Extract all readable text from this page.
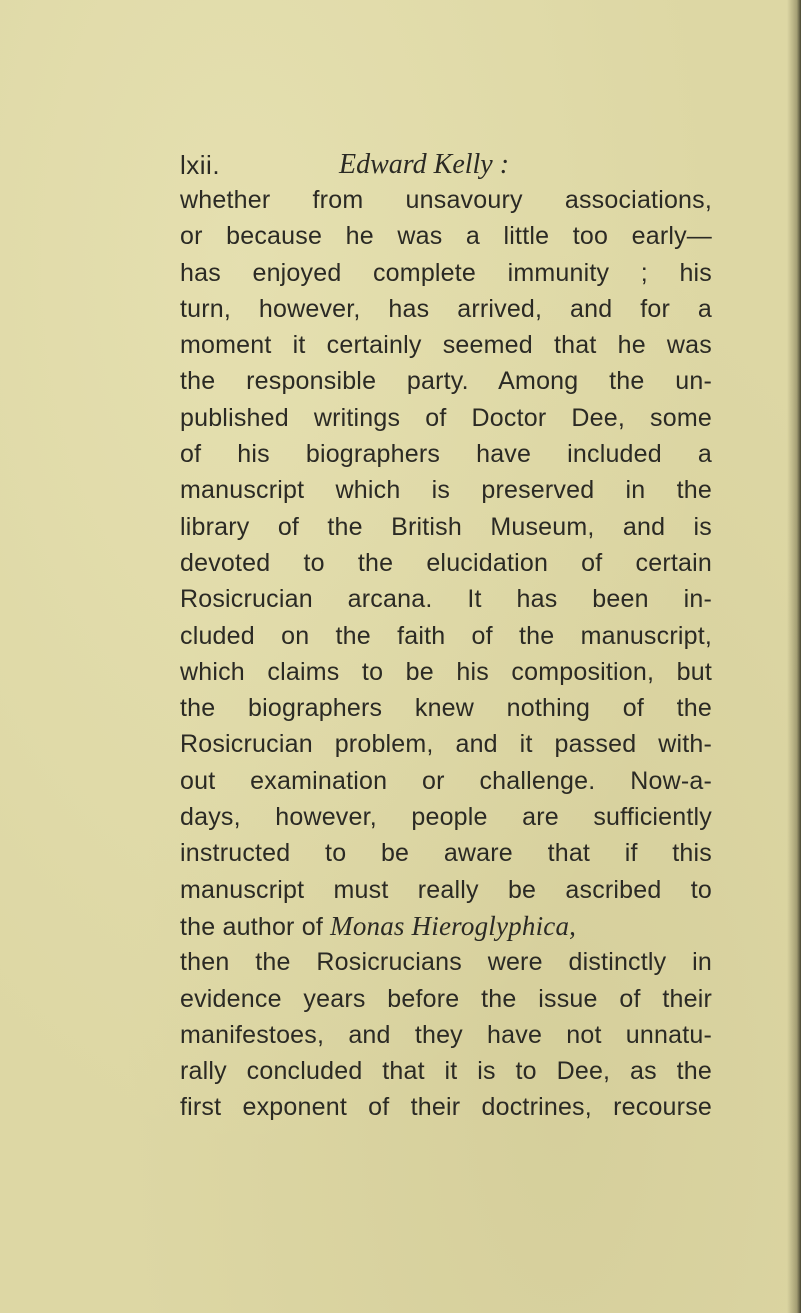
lxii.	Edward Kelly :
whether from unsavoury associations,
or because he was a little too early—
has enjoyed complete immunity ; his
turn, however, has arrived, and for a
moment it certainly seemed that he was
the responsible party. Among the un-
published writings of Doctor Dee, some
of his biographers have included a
manuscript which is preserved in the
library of the British Museum, and is
devoted to the elucidation of certain
Rosicrucian arcana. It has been in-
cluded on the faith of the manuscript,
which claims to be his composition, but
the biographers knew nothing of the
Rosicrucian problem, and it passed with-
out examination or challenge. Now-a-
days, however, people are sufficiently
instructed to be aware that if this
manuscript must really be ascribed to
the author of Monas Hieroglyphica,
then the Rosicrucians were distinctly in
evidence years before the issue of their
manifestoes, and they have not unnatu-
rally concluded that it is to Dee, as the
first exponent of their doctrines, recourse
